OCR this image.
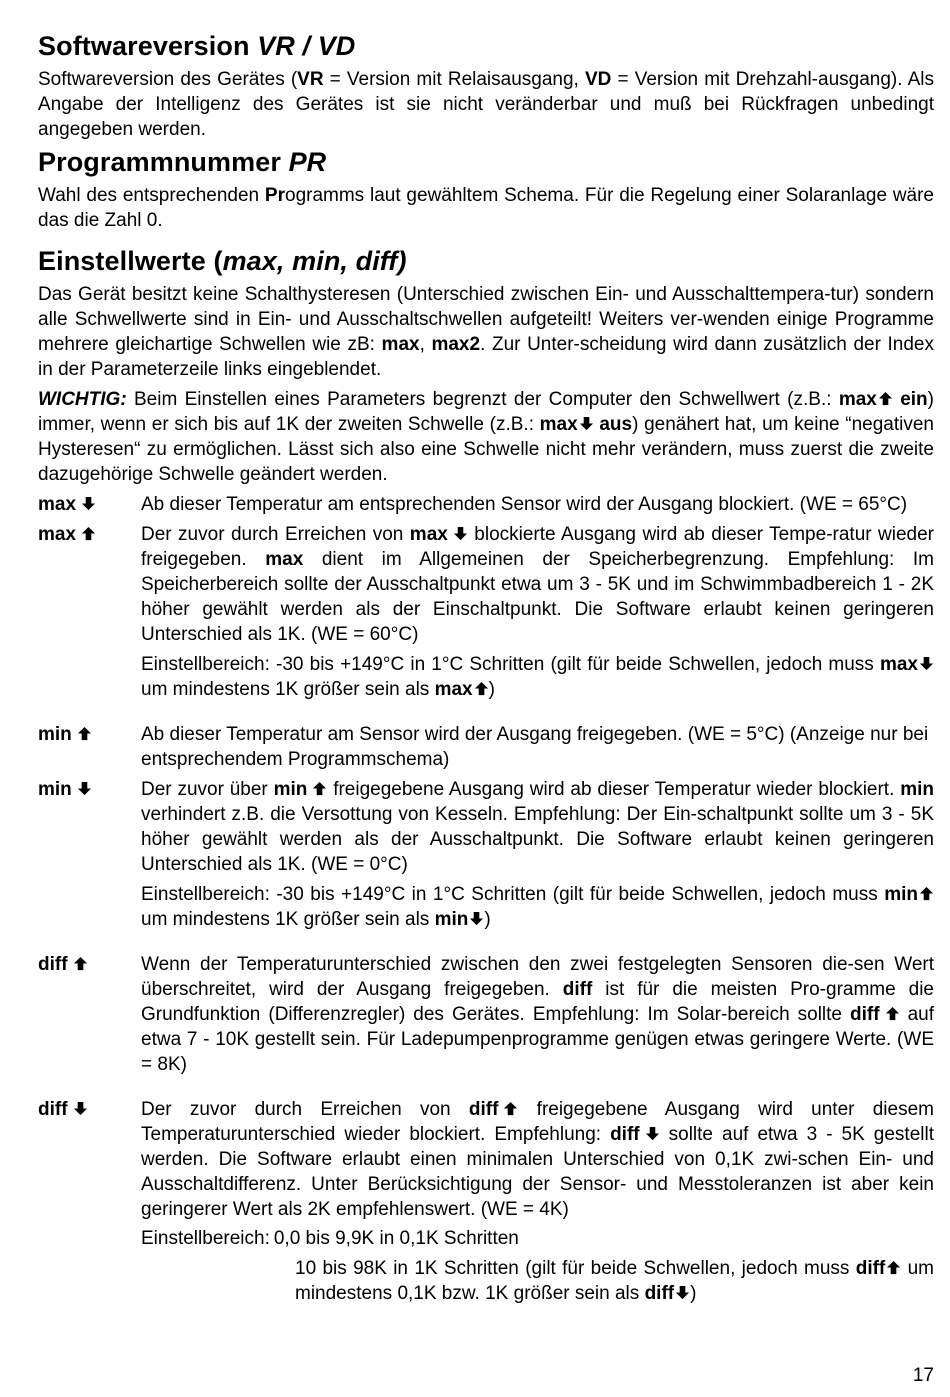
Softwareversion VR / VD

Softwareversion des Gerätes (VR = Version mit Relaisausgang, VD = Version mit Drehzahl-ausgang). Als Angabe der Intelligenz des Gerätes ist sie nicht veränderbar und muß bei Rückfragen unbedingt angegeben werden.

Programmnummer PR

Wahl des entsprechenden Programms laut gewähltem Schema. Für die Regelung einer Solaranlage wäre das die Zahl 0.

Einstellwerte (max, min, diff)

Das Gerät besitzt keine Schalthysteresen (Unterschied zwischen Ein- und Ausschalttempera-tur) sondern alle Schwellwerte sind in Ein- und Ausschaltschwellen aufgeteilt! Weiters ver-wenden einige Programme mehrere gleichartige Schwellen wie zB: max, max2. Zur Unter-scheidung wird dann zusätzlich der Index in der Parameterzeile links eingeblendet.

WICHTIG: Beim Einstellen eines Parameters begrenzt der Computer den Schwellwert (z.B.: max
ein) immer, wenn er sich bis auf 1K der zweiten Schwelle (z.B.: max
aus) genähert hat, um keine “negativen Hysteresen“ zu ermöglichen. Lässt sich also eine Schwelle nicht mehr verändern, muss zuerst die zweite dazugehörige Schwelle geändert werden.

max	Ab dieser Temperatur am entsprechenden Sensor wird der Ausgang blockiert. (WE = 65°C)

max	Der zuvor durch Erreichen von max
blockierte Ausgang wird ab dieser Tempe-ratur wieder freigegeben. max dient im Allgemeinen der Speicherbegrenzung. Empfehlung: Im Speicherbereich sollte der Ausschaltpunkt etwa um 3 - 5K und im Schwimmbadbereich 1 - 2K höher gewählt werden als der Einschaltpunkt. Die Software erlaubt keinen geringeren Unterschied als 1K. (WE = 60°C)

Einstellbereich: -30 bis +149°C in 1°C Schritten (gilt für beide Schwellen, jedoch muss max
um mindestens 1K größer sein als max )

min	Ab dieser Temperatur am Sensor wird der Ausgang freigegeben. (WE = 5°C) (Anzeige nur bei entsprechendem Programmschema)

min	Der zuvor über min
freigegebene Ausgang wird ab dieser Temperatur wieder blockiert. min verhindert z.B. die Versottung von Kesseln. Empfehlung: Der Ein-schaltpunkt sollte um 3 - 5K höher gewählt werden als der Ausschaltpunkt. Die Software erlaubt keinen geringeren Unterschied als 1K. (WE = 0°C)

Einstellbereich: -30 bis +149°C in 1°C Schritten (gilt für beide Schwellen, jedoch muss min
um mindestens 1K größer sein als min )

diff	Wenn der Temperaturunterschied zwischen den zwei festgelegten Sensoren die-sen Wert überschreitet, wird der Ausgang freigegeben. diff ist für die meisten Pro-gramme die Grundfunktion (Differenzregler) des Gerätes. Empfehlung: Im Solar-bereich sollte diff
auf etwa 7 - 10K gestellt sein. Für Ladepumpenprogramme genügen etwas geringere Werte. (WE = 8K)

diff	Der zuvor durch Erreichen von diff
freigegebene Ausgang wird unter diesem Temperaturunterschied wieder blockiert. Empfehlung: diff
sollte auf etwa 3 - 5K gestellt werden. Die Software erlaubt einen minimalen Unterschied von 0,1K zwi-schen Ein- und Ausschaltdifferenz. Unter Berücksichtigung der Sensor- und Messtoleranzen ist aber kein geringerer Wert als 2K empfehlenswert. (WE = 4K)

Einstellbereich: 0,0 bis 9,9K in 0,1K Schritten

10 bis 98K in 1K Schritten (gilt für beide Schwellen, jedoch muss diff
um mindestens 0,1K bzw. 1K größer sein als diff )

17
